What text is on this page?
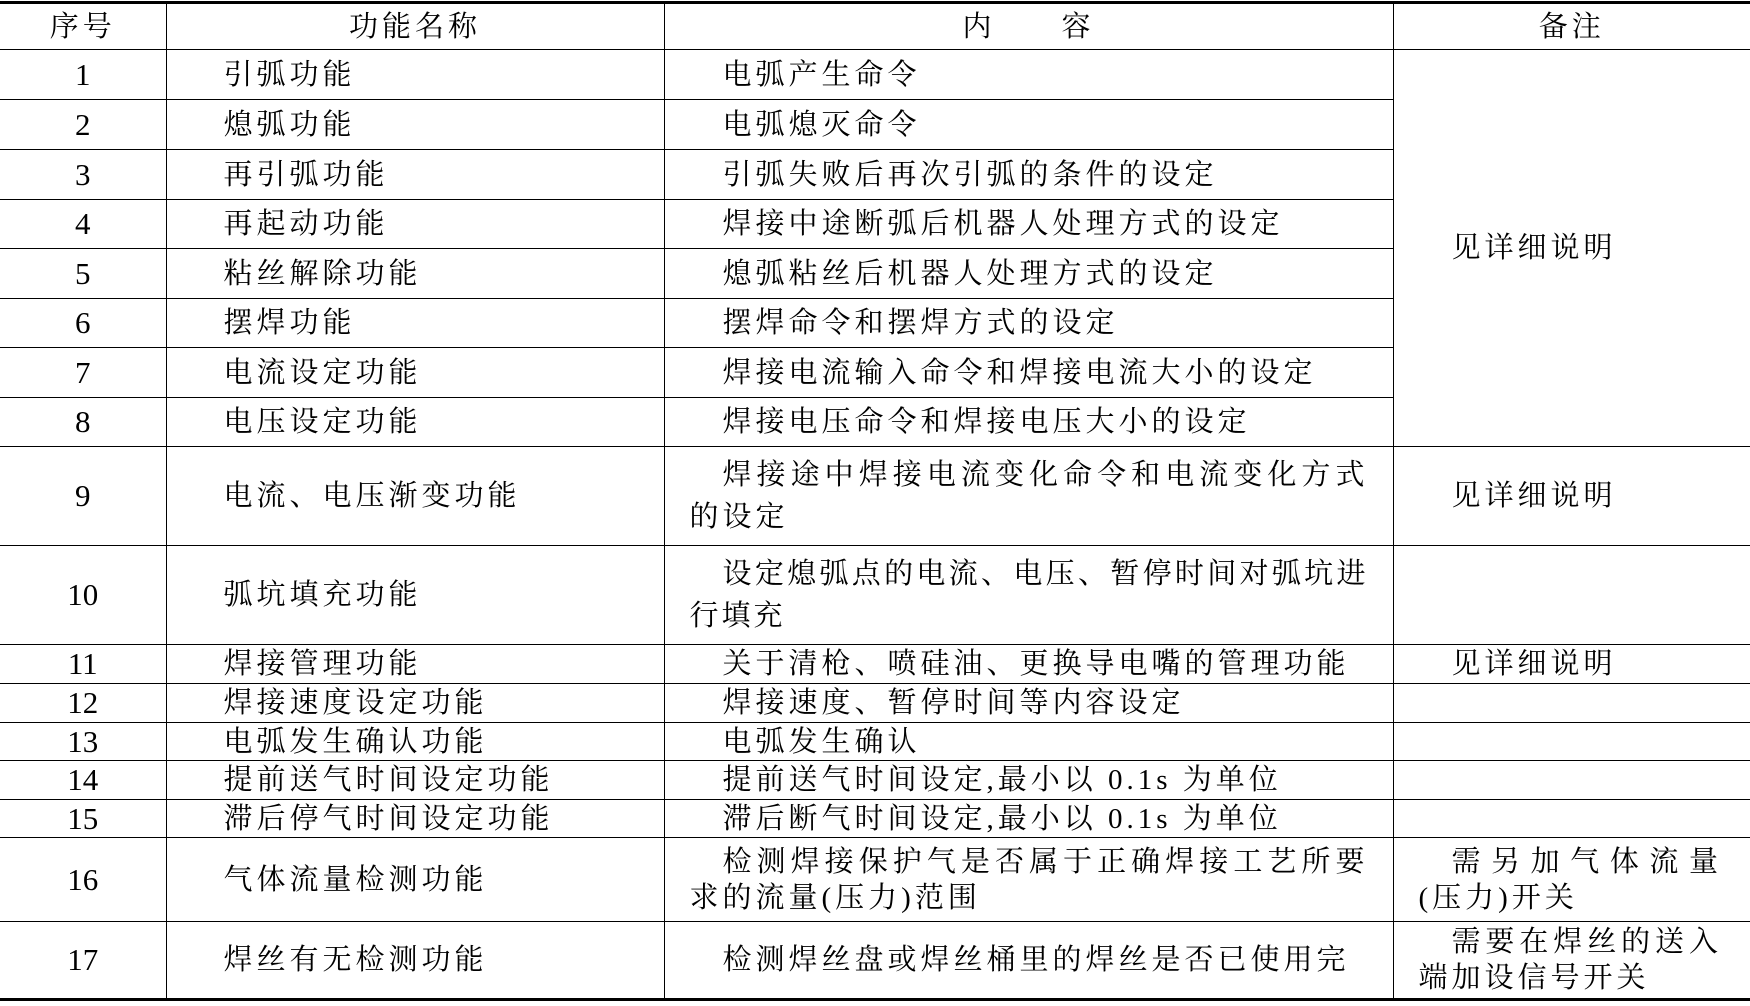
序号	功能名称	内　　容	备注
1	引弧功能	电弧产生命令	见详细说明
2	熄弧功能	电弧熄灭命令	
3	再引弧功能	引弧失败后再次引弧的条件的设定	
4	再起动功能	焊接中途断弧后机器人处理方式的设定	
5	粘丝解除功能	熄弧粘丝后机器人处理方式的设定	
6	摆焊功能	摆焊命令和摆焊方式的设定	
7	电流设定功能	焊接电流输入命令和焊接电流大小的设定	
8	电压设定功能	焊接电压命令和焊接电压大小的设定	
9	电流、电压渐变功能	焊接途中焊接电流变化命令和电流变化方式的设定	见详细说明
10	弧坑填充功能	设定熄弧点的电流、电压、暂停时间对弧坑进行填充	
11	焊接管理功能	关于清枪、喷硅油、更换导电嘴的管理功能	见详细说明
12	焊接速度设定功能	焊接速度、暂停时间等内容设定	
13	电弧发生确认功能	电弧发生确认	
14	提前送气时间设定功能	提前送气时间设定,最小以 0.1s 为单位	
15	滞后停气时间设定功能	滞后断气时间设定,最小以 0.1s 为单位	
16	气体流量检测功能	检测焊接保护气是否属于正确焊接工艺所要求的流量(压力)范围	需另加气体流量(压力)开关
17	焊丝有无检测功能	检测焊丝盘或焊丝桶里的焊丝是否已使用完	需要在焊丝的送入端加设信号开关
